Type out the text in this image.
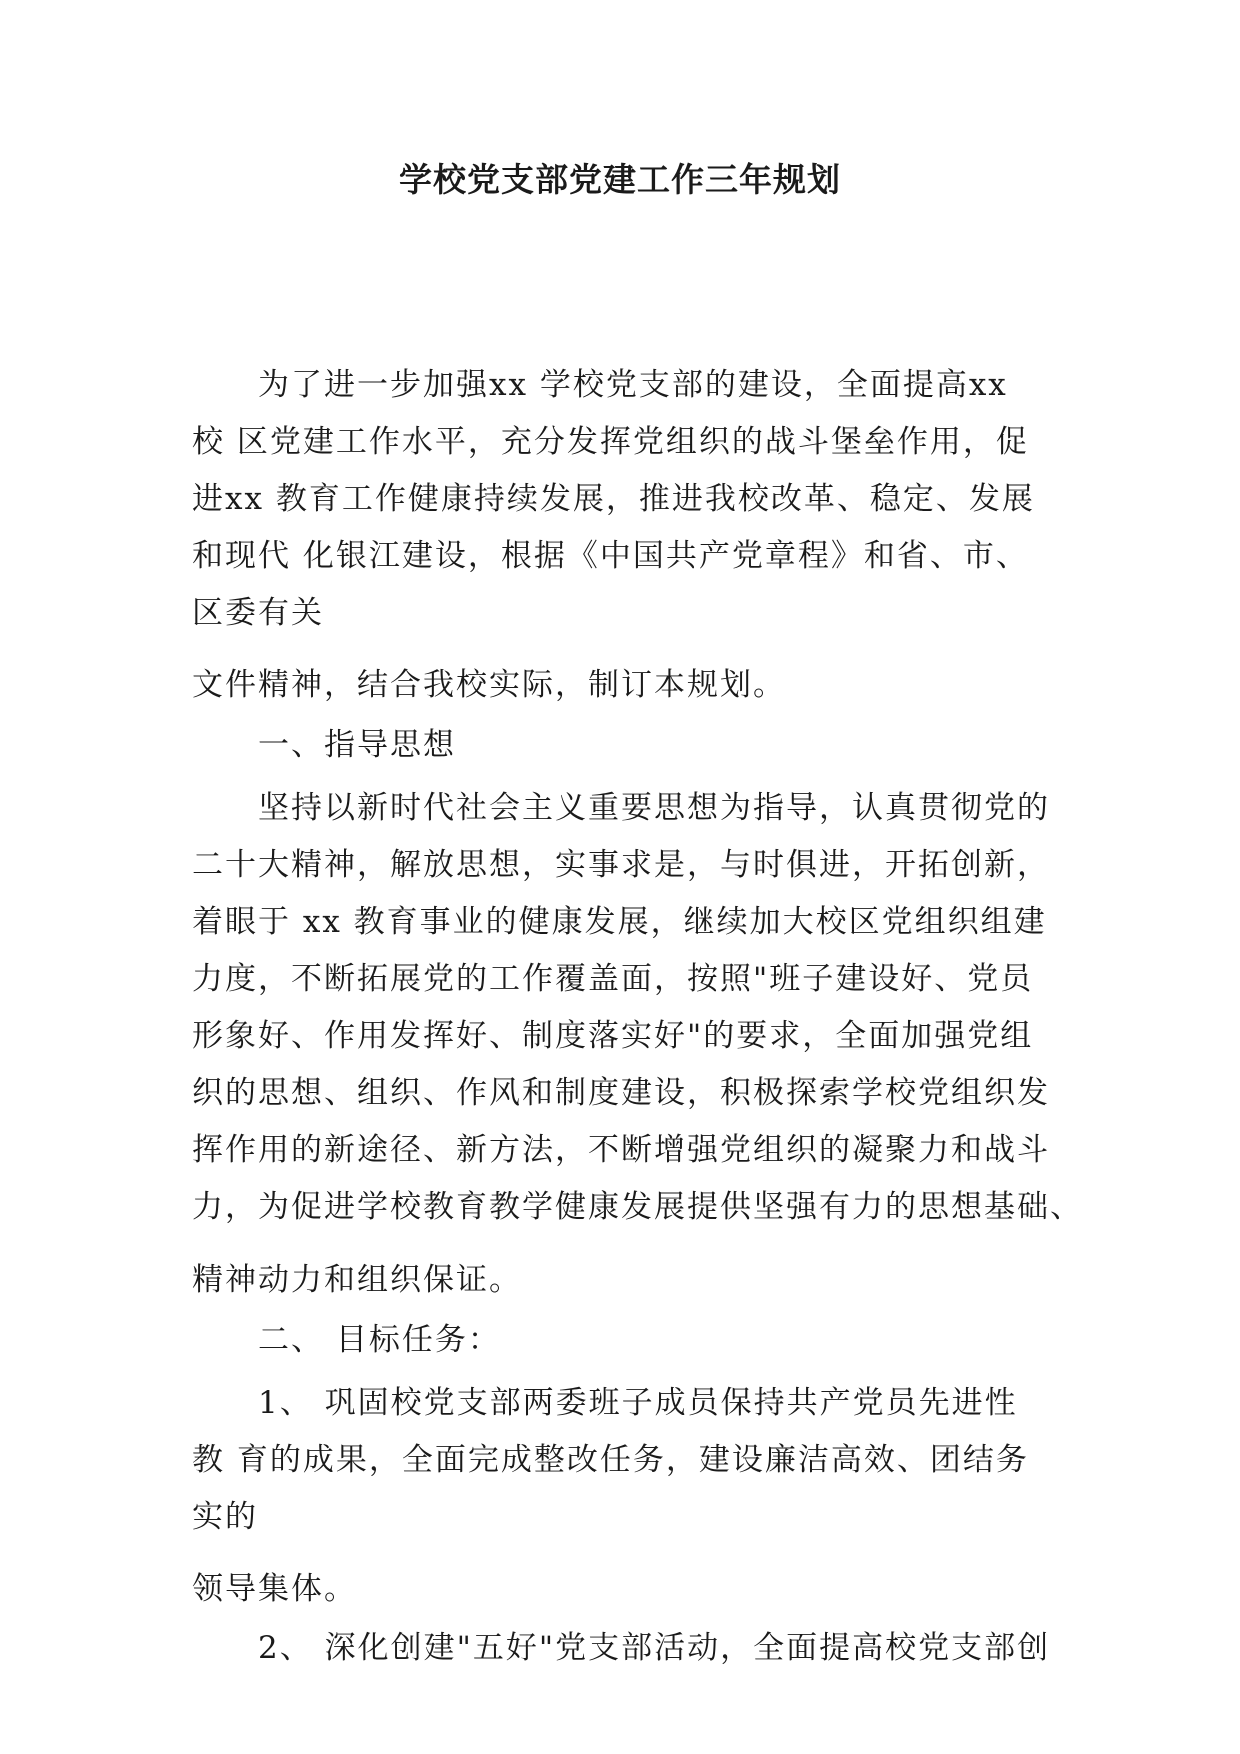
学校党支部党建工作三年规划
为了进一步加强xx 学校党支部的建设，全面提高xx
校 区党建工作水平，充分发挥党组织的战斗堡垒作用，促
进xx 教育工作健康持续发展，推进我校改革、稳定、发展
和现代 化银江建设，根据《中国共产党章程》和省、市、
区委有关
文件精神，结合我校实际，制订本规划。
一、指导思想
坚持以新时代社会主义重要思想为指导，认真贯彻党的
二十大精神，解放思想，实事求是，与时俱进，开拓创新，
着眼于 xx 教育事业的健康发展，继续加大校区党组织组建
力度，不断拓展党的工作覆盖面，按照"班子建设好、党员
形象好、作用发挥好、制度落实好"的要求，全面加强党组
织的思想、组织、作风和制度建设，积极探索学校党组织发
挥作用的新途径、新方法，不断增强党组织的凝聚力和战斗
力，为促进学校教育教学健康发展提供坚强有力的思想基础、
精神动力和组织保证。
二、 目标任务：
1、 巩固校党支部两委班子成员保持共产党员先进性
教 育的成果，全面完成整改任务，建设廉洁高效、团结务
实的
领导集体。
2、 深化创建"五好"党支部活动，全面提高校党支部创
